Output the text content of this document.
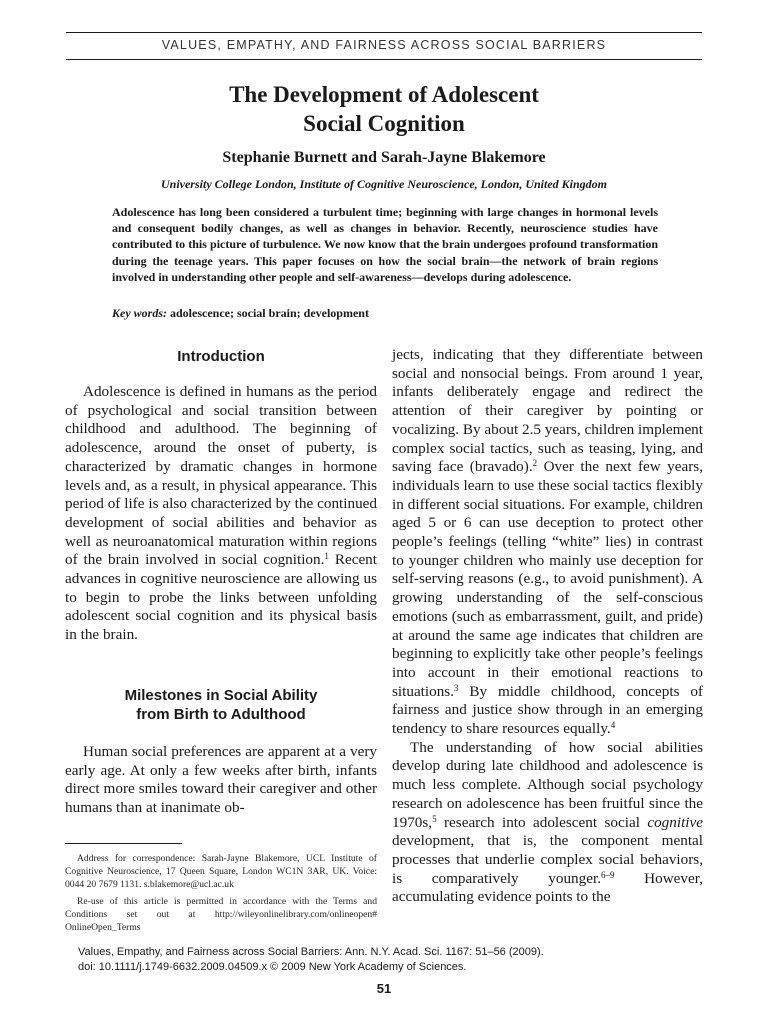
VALUES, EMPATHY, AND FAIRNESS ACROSS SOCIAL BARRIERS
The Development of Adolescent
Social Cognition
Stephanie Burnett and Sarah-Jayne Blakemore
University College London, Institute of Cognitive Neuroscience, London, United Kingdom
Adolescence has long been considered a turbulent time; beginning with large changes in hormonal levels and consequent bodily changes, as well as changes in behavior. Recently, neuroscience studies have contributed to this picture of turbulence. We now know that the brain undergoes profound transformation during the teenage years. This paper focuses on how the social brain—the network of brain regions involved in understanding other people and self-awareness—develops during adolescence.
Key words: adolescence; social brain; development
Introduction

Adolescence is defined in humans as the period of psychological and social transition between childhood and adulthood. The beginning of adolescence, around the onset of puberty, is characterized by dramatic changes in hormone levels and, as a result, in physical appearance. This period of life is also characterized by the continued development of social abilities and behavior as well as neuroanatomical maturation within regions of the brain involved in social cognition.$^1$ Recent advances in cognitive neuroscience are allowing us to begin to probe the links between unfolding adolescent social cognition and its physical basis in the brain.

Milestones in Social Ability
from Birth to Adulthood

Human social preferences are apparent at a very early age. At only a few weeks after birth, infants direct more smiles toward their caregiver and other humans than at inanimate ob-

Address for correspondence: Sarah-Jayne Blakemore, UCL Institute of Cognitive Neuroscience, 17 Queen Square, London WC1N 3AR, UK. Voice: 0044 20 7679 1131. s.blakemore@ucl.ac.uk

Re-use of this article is permitted in accordance with the Terms and Conditions set out at http://wileyonlinelibrary.com/onlineopen# OnlineOpen_Terms

jects, indicating that they differentiate between social and nonsocial beings. From around 1 year, infants deliberately engage and redirect the attention of their caregiver by pointing or vocalizing. By about 2.5 years, children implement complex social tactics, such as teasing, lying, and saving face (bravado).$^2$ Over the next few years, individuals learn to use these social tactics flexibly in different social situations. For example, children aged 5 or 6 can use deception to protect other people’s feelings (telling “white” lies) in contrast to younger children who mainly use deception for self-serving reasons (e.g., to avoid punishment). A growing understanding of the self-conscious emotions (such as embarrassment, guilt, and pride) at around the same age indicates that children are beginning to explicitly take other people’s feelings into account in their emotional reactions to situations.$^3$ By middle childhood, concepts of fairness and justice show through in an emerging tendency to share resources equally.$^4$

The understanding of how social abilities develop during late childhood and adolescence is much less complete. Although social psychology research on adolescence has been fruitful since the 1970s,$^5$ research into adolescent social cognitive development, that is, the component mental processes that underlie complex social behaviors, is comparatively younger.$^{6-9}$ However, accumulating evidence points to the

Values, Empathy, and Fairness across Social Barriers: Ann. N.Y. Acad. Sci. 1167: 51–56 (2009).
doi: 10.1111/j.1749-6632.2009.04509.x © 2009 New York Academy of Sciences.
51
